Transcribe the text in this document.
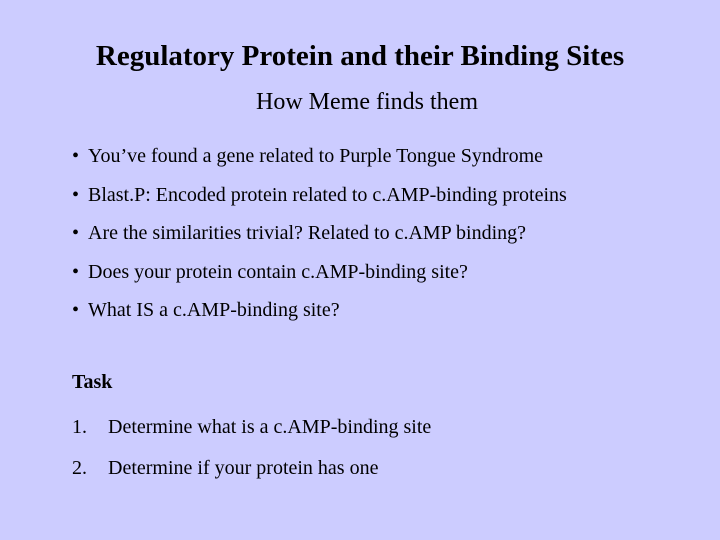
Regulatory Protein and their Binding Sites
How Meme finds them
• You’ve found a gene related to Purple Tongue Syndrome
• Blast.P: Encoded protein related to c.AMP-binding proteins
• Are the similarities trivial? Related to c.AMP binding?
• Does your protein contain c.AMP-binding site?
• What IS a c.AMP-binding site?
Task
1. Determine what is a c.AMP-binding site
2. Determine if your protein has one
